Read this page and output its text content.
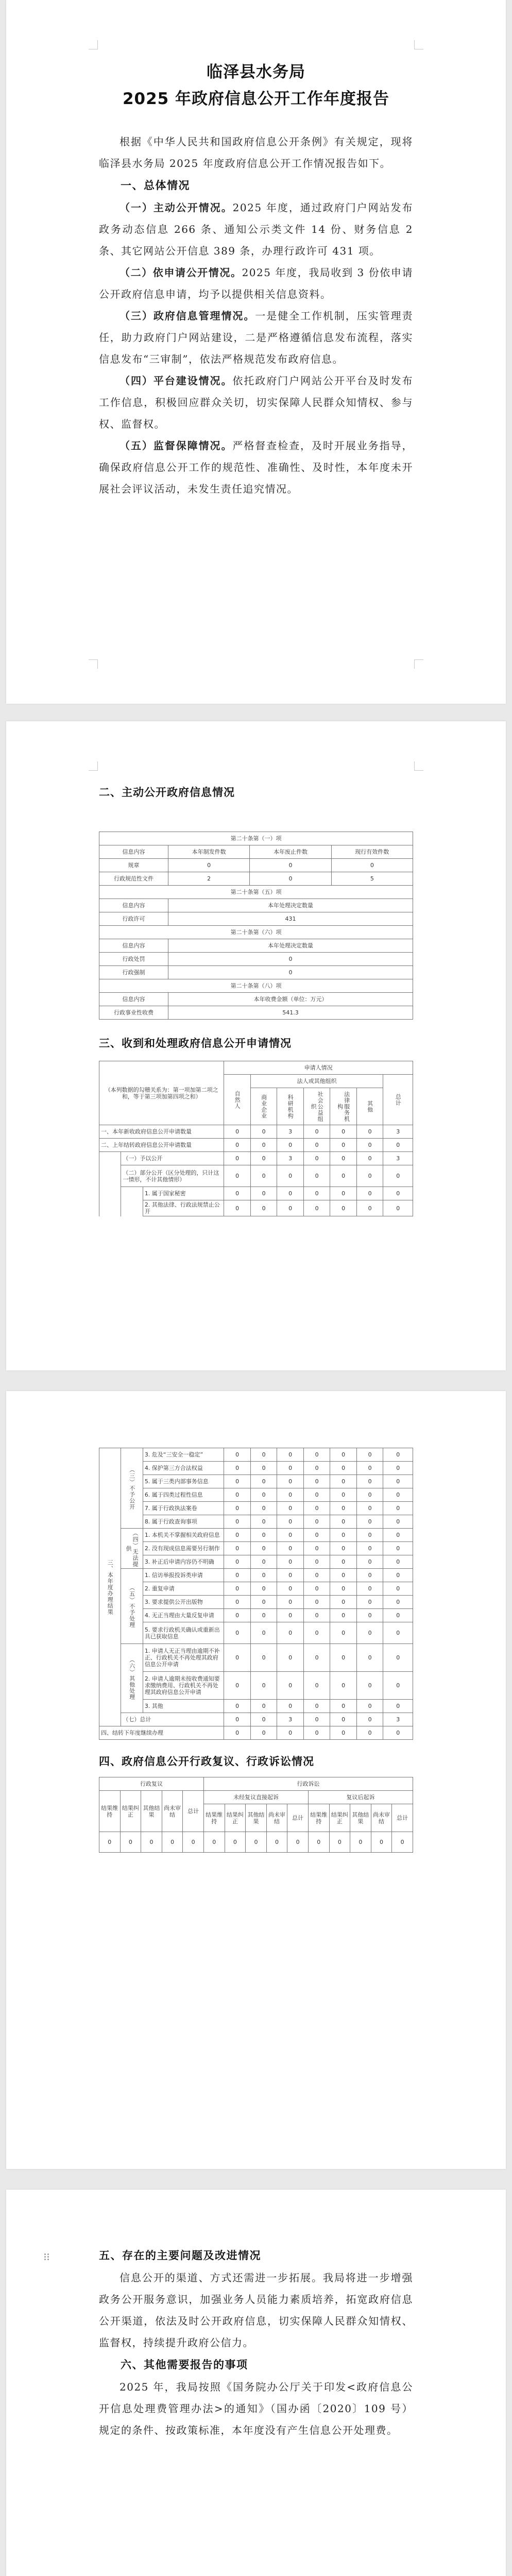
临泽县水务局
2025 年政府信息公开工作年度报告

根据《中华人民共和国政府信息公开条例》有关规定，现将临泽县水务局 2025 年度政府信息公开工作情况报告如下。

一、总体情况

（一）主动公开情况。2025 年度，通过政府门户网站发布政务动态信息 266 条、通知公示类文件 14 份、财务信息 2 条、其它网站公开信息 389 条，办理行政许可 431 项。

（二）依申请公开情况。2025 年度，我局收到 3 份依申请公开政府信息申请，均予以提供相关信息资料。

（三）政府信息管理情况。一是健全工作机制，压实管理责任，助力政府门户网站建设，二是严格遵循信息发布流程，落实信息发布“三审制”，依法严格规范发布政府信息。

（四）平台建设情况。依托政府门户网站公开平台及时发布工作信息，积极回应群众关切，切实保障人民群众知情权、参与权、监督权。

（五）监督保障情况。严格督查检查，及时开展业务指导，确保政府信息公开工作的规范性、准确性、及时性，本年度未开展社会评议活动，未发生责任追究情况。

二、主动公开政府信息情况
第二十条第（一）项			
信息内容	本年制发件数	本年废止件数	现行有效件数
规章	0	0	0
行政规范性文件	2	0	5
第二十条第（五）项			
信息内容	本年处理决定数量		
行政许可	431		
第二十条第（六）项			
信息内容	本年处理决定数量		
行政处罚	0		
行政强制	0		
第二十条第（八）项			
信息内容	本年收费金额（单位：万元）		
行政事业性收费	541.3		
三、收到和处理政府信息公开申请情况
（本列数据的勾稽关系为：第一项加第二项之和，等于第三项加第四项之和）			申请人情况						

			自然人	法人或其他组织					总计

				商业企业	科研机构	社会公益组织	法律服务机构	其他	

一、本年新收政府信息公开申请数量			0	0	3	0	0	0	3
二、上年结转政府信息公开申请数量			0	0	0	0	0	0	0
	（一）予以公开		0	0	3	0	0	0	3
	（二）部分公开（区分处理的，只计这一情形，不计其他情形）		0	0	0	0	0	0	0
		1. 属于国家秘密	0	0	0	0	0	0	0
		2. 其他法律、行政法规禁止公开	0	0	0	0	0	0	0
三、本年度办理结果	（三）不予公开	3. 危及“三安全一稳定”	0	0	0	0	0	0	0
		4. 保护第三方合法权益	0	0	0	0	0	0	0
		5. 属于三类内部事务信息	0	0	0	0	0	0	0
		6. 属于四类过程性信息	0	0	0	0	0	0	0
		7. 属于行政执法案卷	0	0	0	0	0	0	0
		8. 属于行政查询事项	0	0	0	0	0	0	0

	（四）无法提供	1. 本机关不掌握相关政府信息	0	0	0	0	0	0	0
		2. 没有现成信息需要另行制作	0	0	0	0	0	0	0
		3. 补正后申请内容仍不明确	0	0	0	0	0	0	0

	（五）不予处理	1. 信访举报投诉类申请	0	0	0	0	0	0	0
		2. 重复申请	0	0	0	0	0	0	0
		3. 要求提供公开出版物	0	0	0	0	0	0	0
		4. 无正当理由大量反复申请	0	0	0	0	0	0	0
		5. 要求行政机关确认或重新出具已获取信息	0	0	0	0	0	0	0

	（六）其他处理	1. 申请人无正当理由逾期不补正、行政机关不再处理其政府信息公开申请	0	0	0	0	0	0	0
		2. 申请人逾期未按收费通知要求缴纳费用、行政机关不再处理其政府信息公开申请	0	0	0	0	0	0	0
		3. 其他	0	0	0	0	0	0	0
	（七）总计		0	0	3	0	0	0	3
四、结转下年度继续办理			0	0	0	0	0	0	0
四、政府信息公开行政复议、行政诉讼情况
行政复议					行政诉讼									
结果维持	结果纠正	其他结果	尚未审结	总计	未经复议直接起诉					复议后起诉				
					结果维持	结果纠正	其他结果	尚未审结	总计	结果维持	结果纠正	其他结果	尚未审结	总计
0	0	0	0	0	0	0	0	0	0	0	0	0	0	0
五、存在的主要问题及改进情况

信息公开的渠道、方式还需进一步拓展。我局将进一步增强政务公开服务意识，加强业务人员能力素质培养，拓宽政府信息公开渠道，依法及时公开政府信息，切实保障人民群众知情权、监督权，持续提升政府公信力。

六、其他需要报告的事项

2025 年，我局按照《国务院办公厅关于印发<政府信息公开信息处理费管理办法>的通知》（国办函〔2020〕109 号）规定的条件、按政策标准，本年度没有产生信息公开处理费。
